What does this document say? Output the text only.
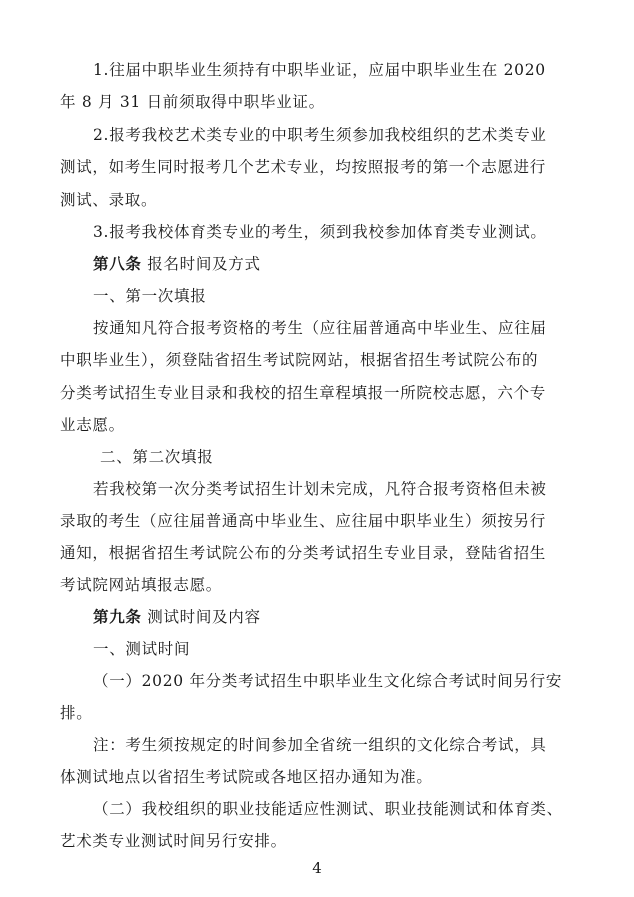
1.往届中职毕业生须持有中职毕业证，应届中职毕业生在 2020
年 8 月 31 日前须取得中职毕业证。
2.报考我校艺术类专业的中职考生须参加我校组织的艺术类专业
测试，如考生同时报考几个艺术专业，均按照报考的第一个志愿进行
测试、录取。
3.报考我校体育类专业的考生，须到我校参加体育类专业测试。
第八条 报名时间及方式
一、第一次填报
按通知凡符合报考资格的考生（应往届普通高中毕业生、应往届
中职毕业生），须登陆省招生考试院网站，根据省招生考试院公布的
分类考试招生专业目录和我校的招生章程填报一所院校志愿，六个专
业志愿。
二、第二次填报
若我校第一次分类考试招生计划未完成，凡符合报考资格但未被
录取的考生（应往届普通高中毕业生、应往届中职毕业生）须按另行
通知，根据省招生考试院公布的分类考试招生专业目录，登陆省招生
考试院网站填报志愿。
第九条 测试时间及内容
一、测试时间
（一）2020 年分类考试招生中职毕业生文化综合考试时间另行安
排。
注：考生须按规定的时间参加全省统一组织的文化综合考试，具
体测试地点以省招生考试院或各地区招办通知为准。
（二）我校组织的职业技能适应性测试、职业技能测试和体育类、
艺术类专业测试时间另行安排。
4
